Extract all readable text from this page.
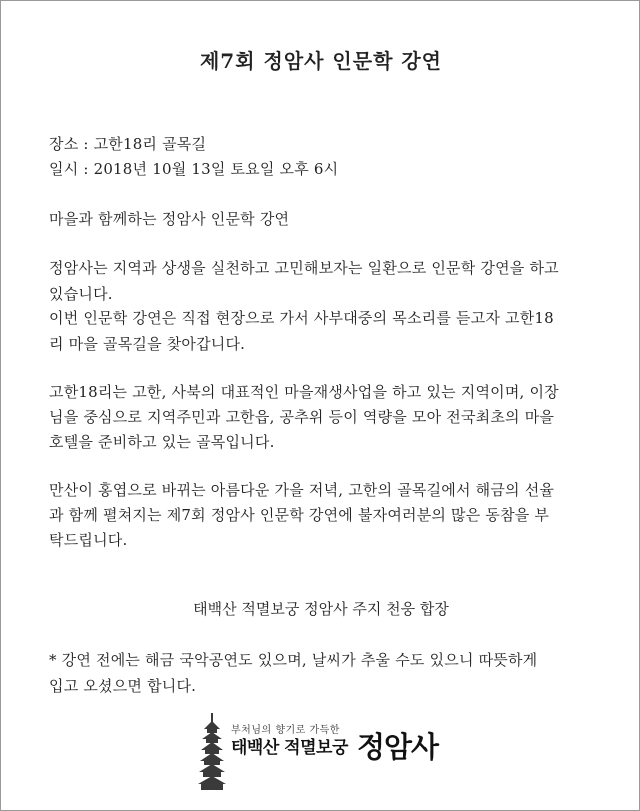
제7회 정암사 인문학 강연
장소 : 고한18리 골목길
일시 : 2018년 10월 13일 토요일 오후 6시
마을과 함께하는 정암사 인문학 강연
정암사는 지역과 상생을 실천하고 고민해보자는 일환으로 인문학 강연을 하고
있습니다.
이번 인문학 강연은 직접 현장으로 가서 사부대중의 목소리를 듣고자 고한18
리 마을 골목길을 찾아갑니다.
고한18리는 고한, 사북의 대표적인 마을재생사업을 하고 있는 지역이며, 이장
님을 중심으로 지역주민과 고한읍, 공추위 등이 역량을 모아 전국최초의 마을
호텔을 준비하고 있는 골목입니다.
만산이 홍엽으로 바뀌는 아름다운 가을 저녁, 고한의 골목길에서 해금의 선율
과 함께 펼쳐지는 제7회 정암사 인문학 강연에 불자여러분의 많은 동참을 부
탁드립니다.
태백산 적멸보궁 정암사 주지 천웅 합장
* 강연 전에는 해금 국악공연도 있으며, 날씨가 추울 수도 있으니 따뜻하게
입고 오셨으면 합니다.
부처님의 향기로 가득한
태백산 적멸보궁 정암사
